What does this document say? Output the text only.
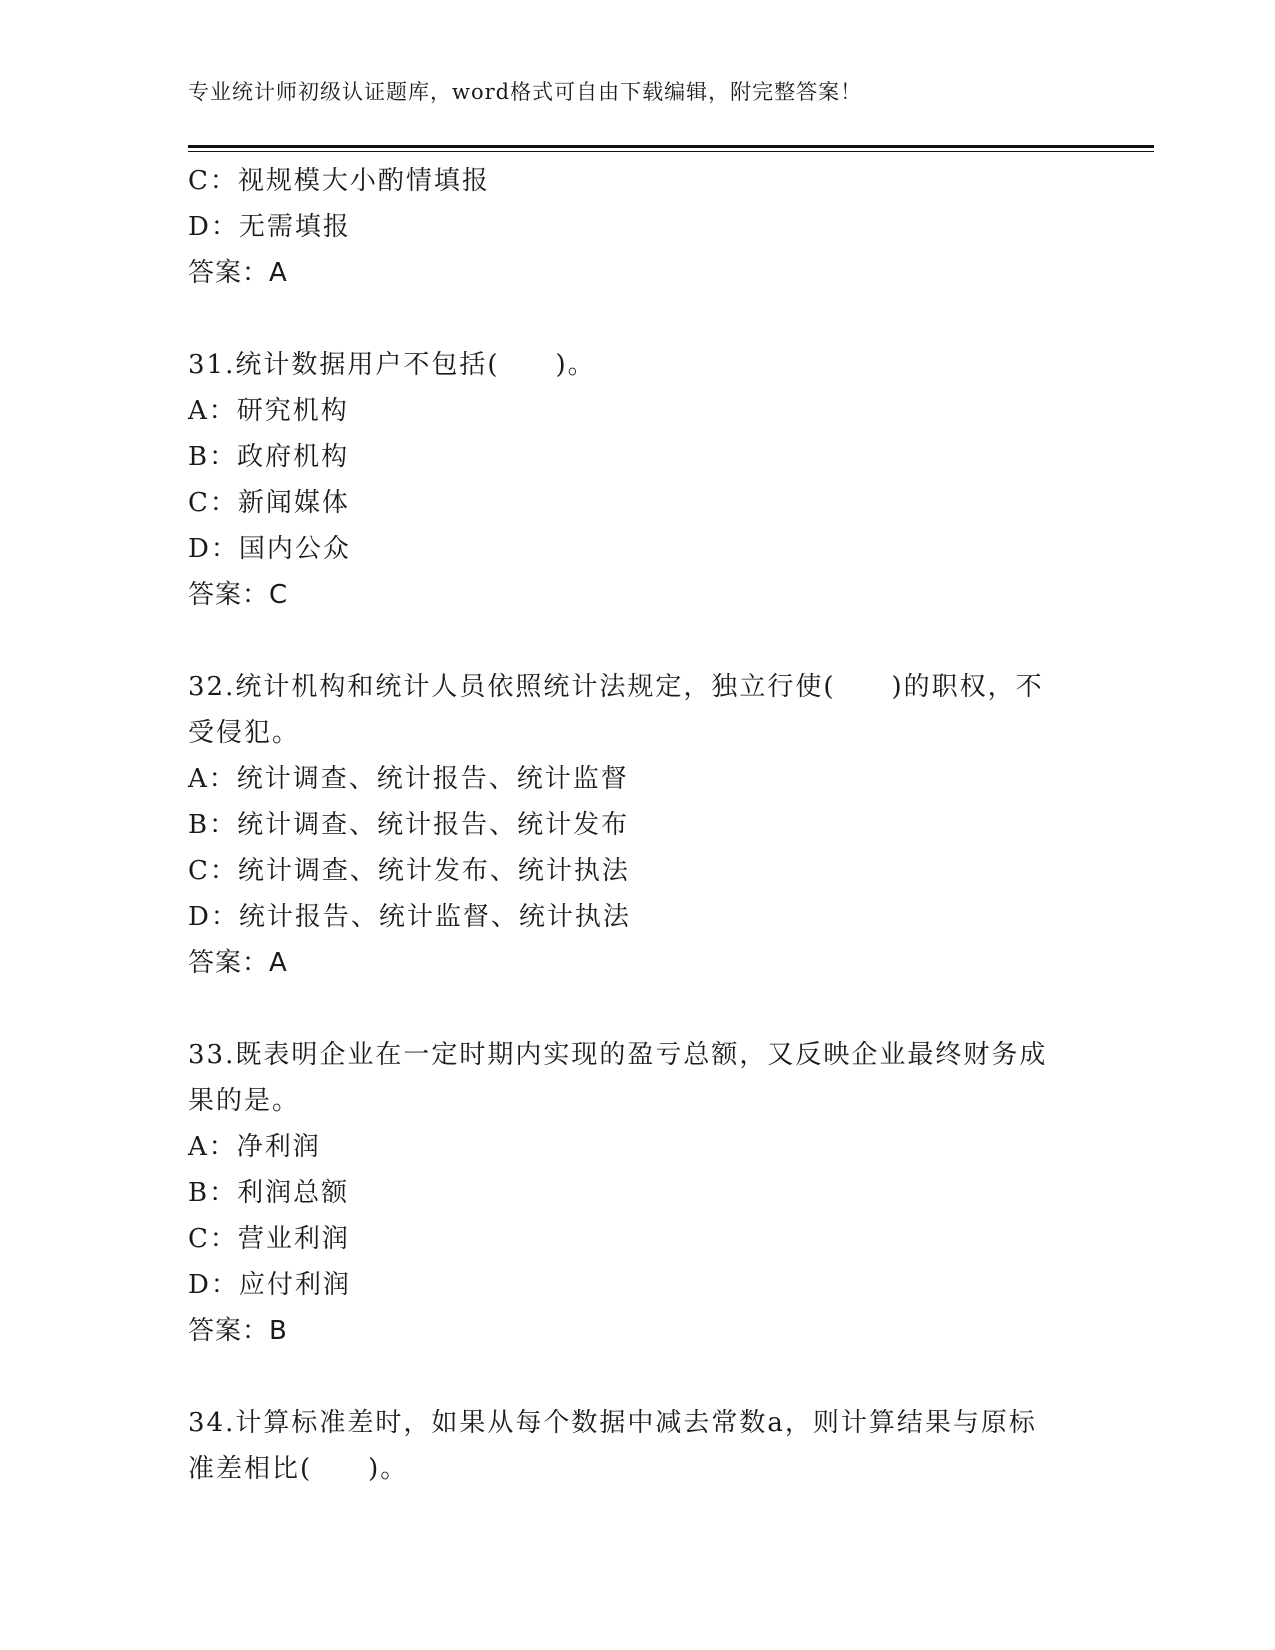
专业统计师初级认证题库，word格式可自由下载编辑，附完整答案！
C：视规模大小酌情填报
D：无需填报
答案：A
31.统计数据用户不包括(　　)。
A：研究机构
B：政府机构
C：新闻媒体
D：国内公众
答案：C
32.统计机构和统计人员依照统计法规定，独立行使(　　)的职权，不
受侵犯。
A：统计调查、统计报告、统计监督
B：统计调查、统计报告、统计发布
C：统计调查、统计发布、统计执法
D：统计报告、统计监督、统计执法
答案：A
33.既表明企业在一定时期内实现的盈亏总额，又反映企业最终财务成
果的是。
A：净利润
B：利润总额
C：营业利润
D：应付利润
答案：B
34.计算标准差时，如果从每个数据中减去常数a，则计算结果与原标
准差相比(　　)。
